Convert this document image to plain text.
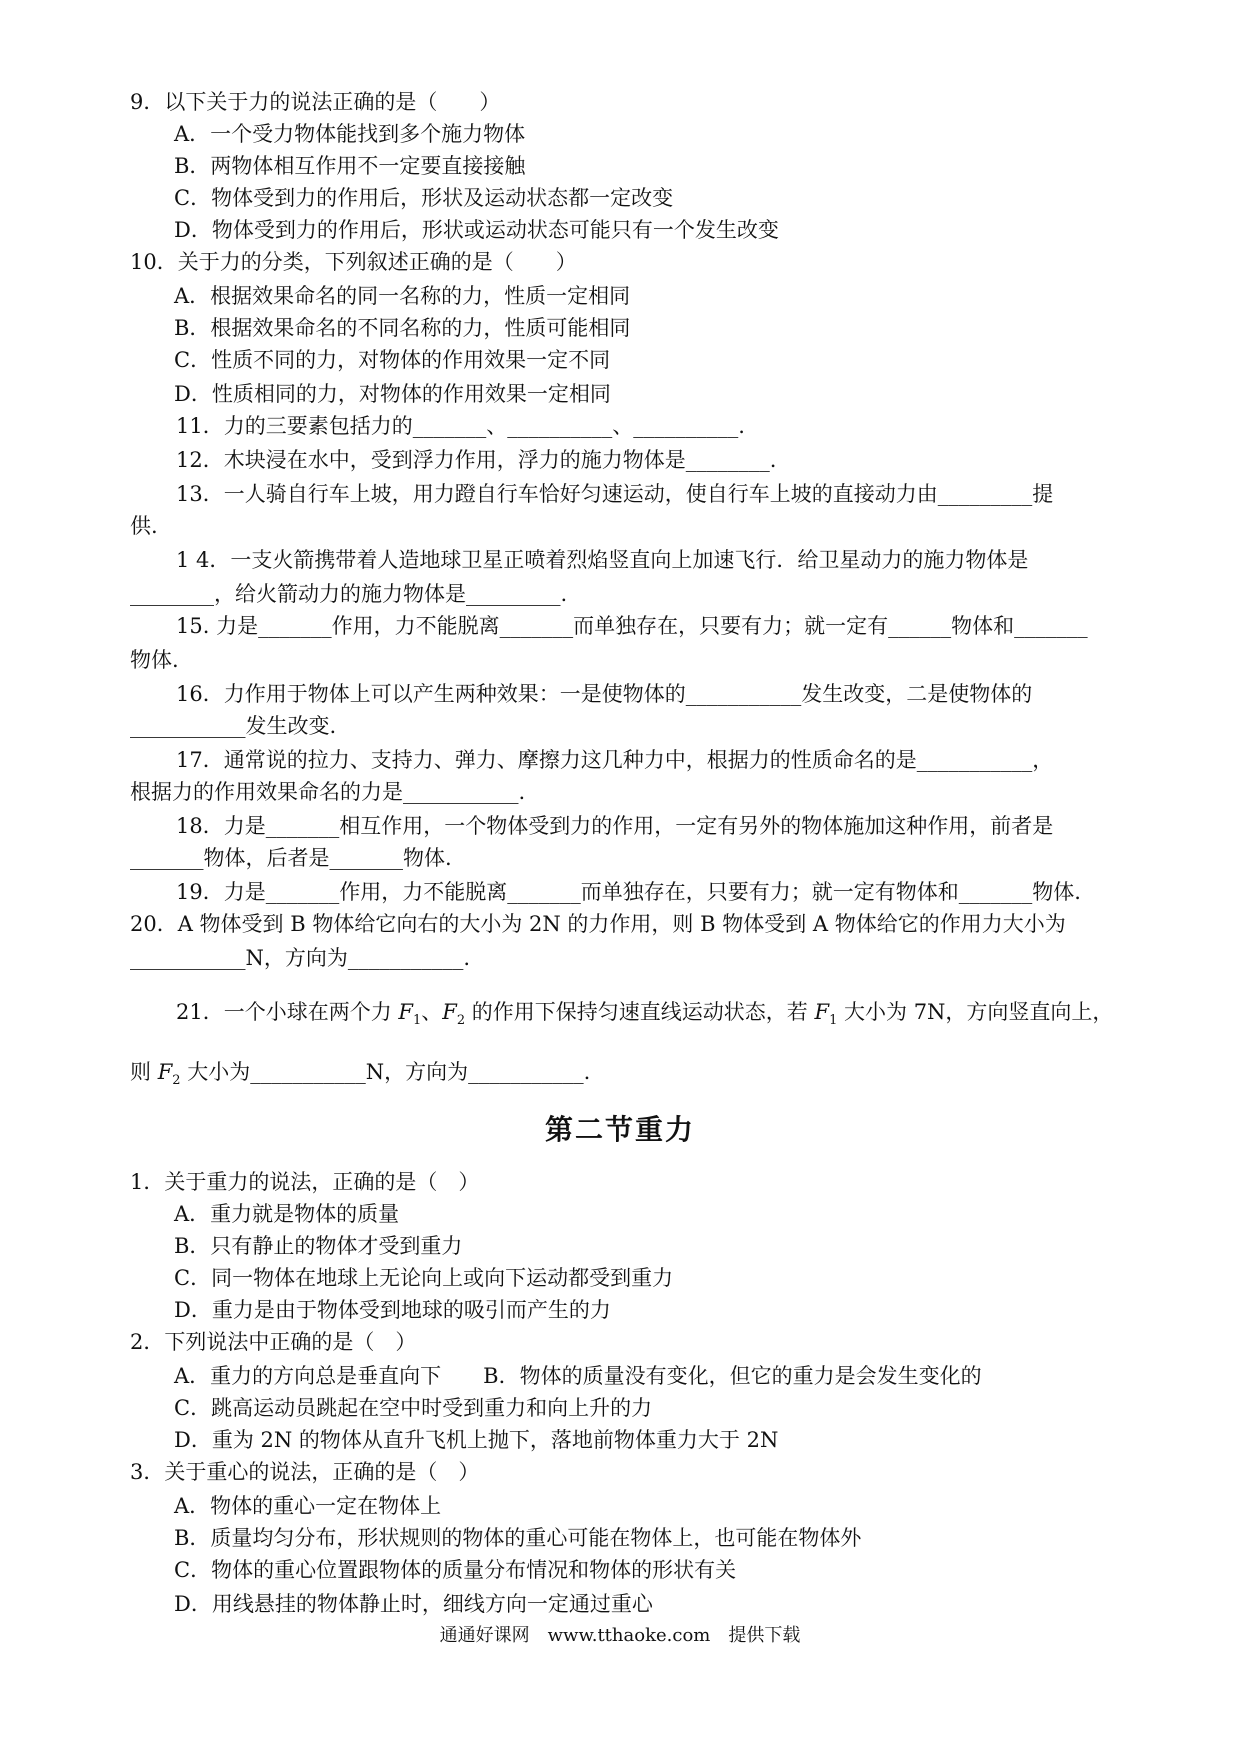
9．以下关于力的说法正确的是（　　）
A．一个受力物体能找到多个施力物体
B．两物体相互作用不一定要直接接触
C．物体受到力的作用后，形状及运动状态都一定改变
D．物体受到力的作用后，形状或运动状态可能只有一个发生改变
10．关于力的分类，下列叙述正确的是（　　）
A．根据效果命名的同一名称的力，性质一定相同
B．根据效果命名的不同名称的力，性质可能相同
C．性质不同的力，对物体的作用效果一定不同
D．性质相同的力，对物体的作用效果一定相同
11．力的三要素包括力的_______、__________、__________.
12．木块浸在水中，受到浮力作用，浮力的施力物体是________.
13．一人骑自行车上坡，用力蹬自行车恰好匀速运动，使自行车上坡的直接动力由_________提
供.
1 4．一支火箭携带着人造地球卫星正喷着烈焰竖直向上加速飞行．给卫星动力的施力物体是
________，给火箭动力的施力物体是_________.
15. 力是_______作用，力不能脱离_______而单独存在，只要有力；就一定有______物体和_______
物体.
16．力作用于物体上可以产生两种效果：一是使物体的___________发生改变，二是使物体的
___________发生改变.
17．通常说的拉力、支持力、弹力、摩擦力这几种力中，根据力的性质命名的是___________，
根据力的作用效果命名的力是___________.
18．力是_______相互作用，一个物体受到力的作用，一定有另外的物体施加这种作用，前者是
_______物体，后者是_______物体.
19．力是_______作用，力不能脱离_______而单独存在，只要有力；就一定有物体和_______物体.
20．A 物体受到 B 物体给它向右的大小为 2N 的力作用，则 B 物体受到 A 物体给它的作用力大小为
___________N，方向为___________.
21．一个小球在两个力 $F_1$、$F_2$ 的作用下保持匀速直线运动状态，若 $F_1$ 大小为 7N，方向竖直向上，
则 $F_2$ 大小为___________N，方向为___________.
第二节重力
1．关于重力的说法，正确的是（　）
A．重力就是物体的质量
B．只有静止的物体才受到重力
C．同一物体在地球上无论向上或向下运动都受到重力
D．重力是由于物体受到地球的吸引而产生的力
2．下列说法中正确的是（　）
A．重力的方向总是垂直向下　　B．物体的质量没有变化，但它的重力是会发生变化的
C．跳高运动员跳起在空中时受到重力和向上升的力
D．重为 2N 的物体从直升飞机上抛下，落地前物体重力大于 2N
3．关于重心的说法，正确的是（　）
A．物体的重心一定在物体上
B．质量均匀分布，形状规则的物体的重心可能在物体上，也可能在物体外
C．物体的重心位置跟物体的质量分布情况和物体的形状有关
D．用线悬挂的物体静止时，细线方向一定通过重心
通通好课网　www.tthaoke.com　提供下载
